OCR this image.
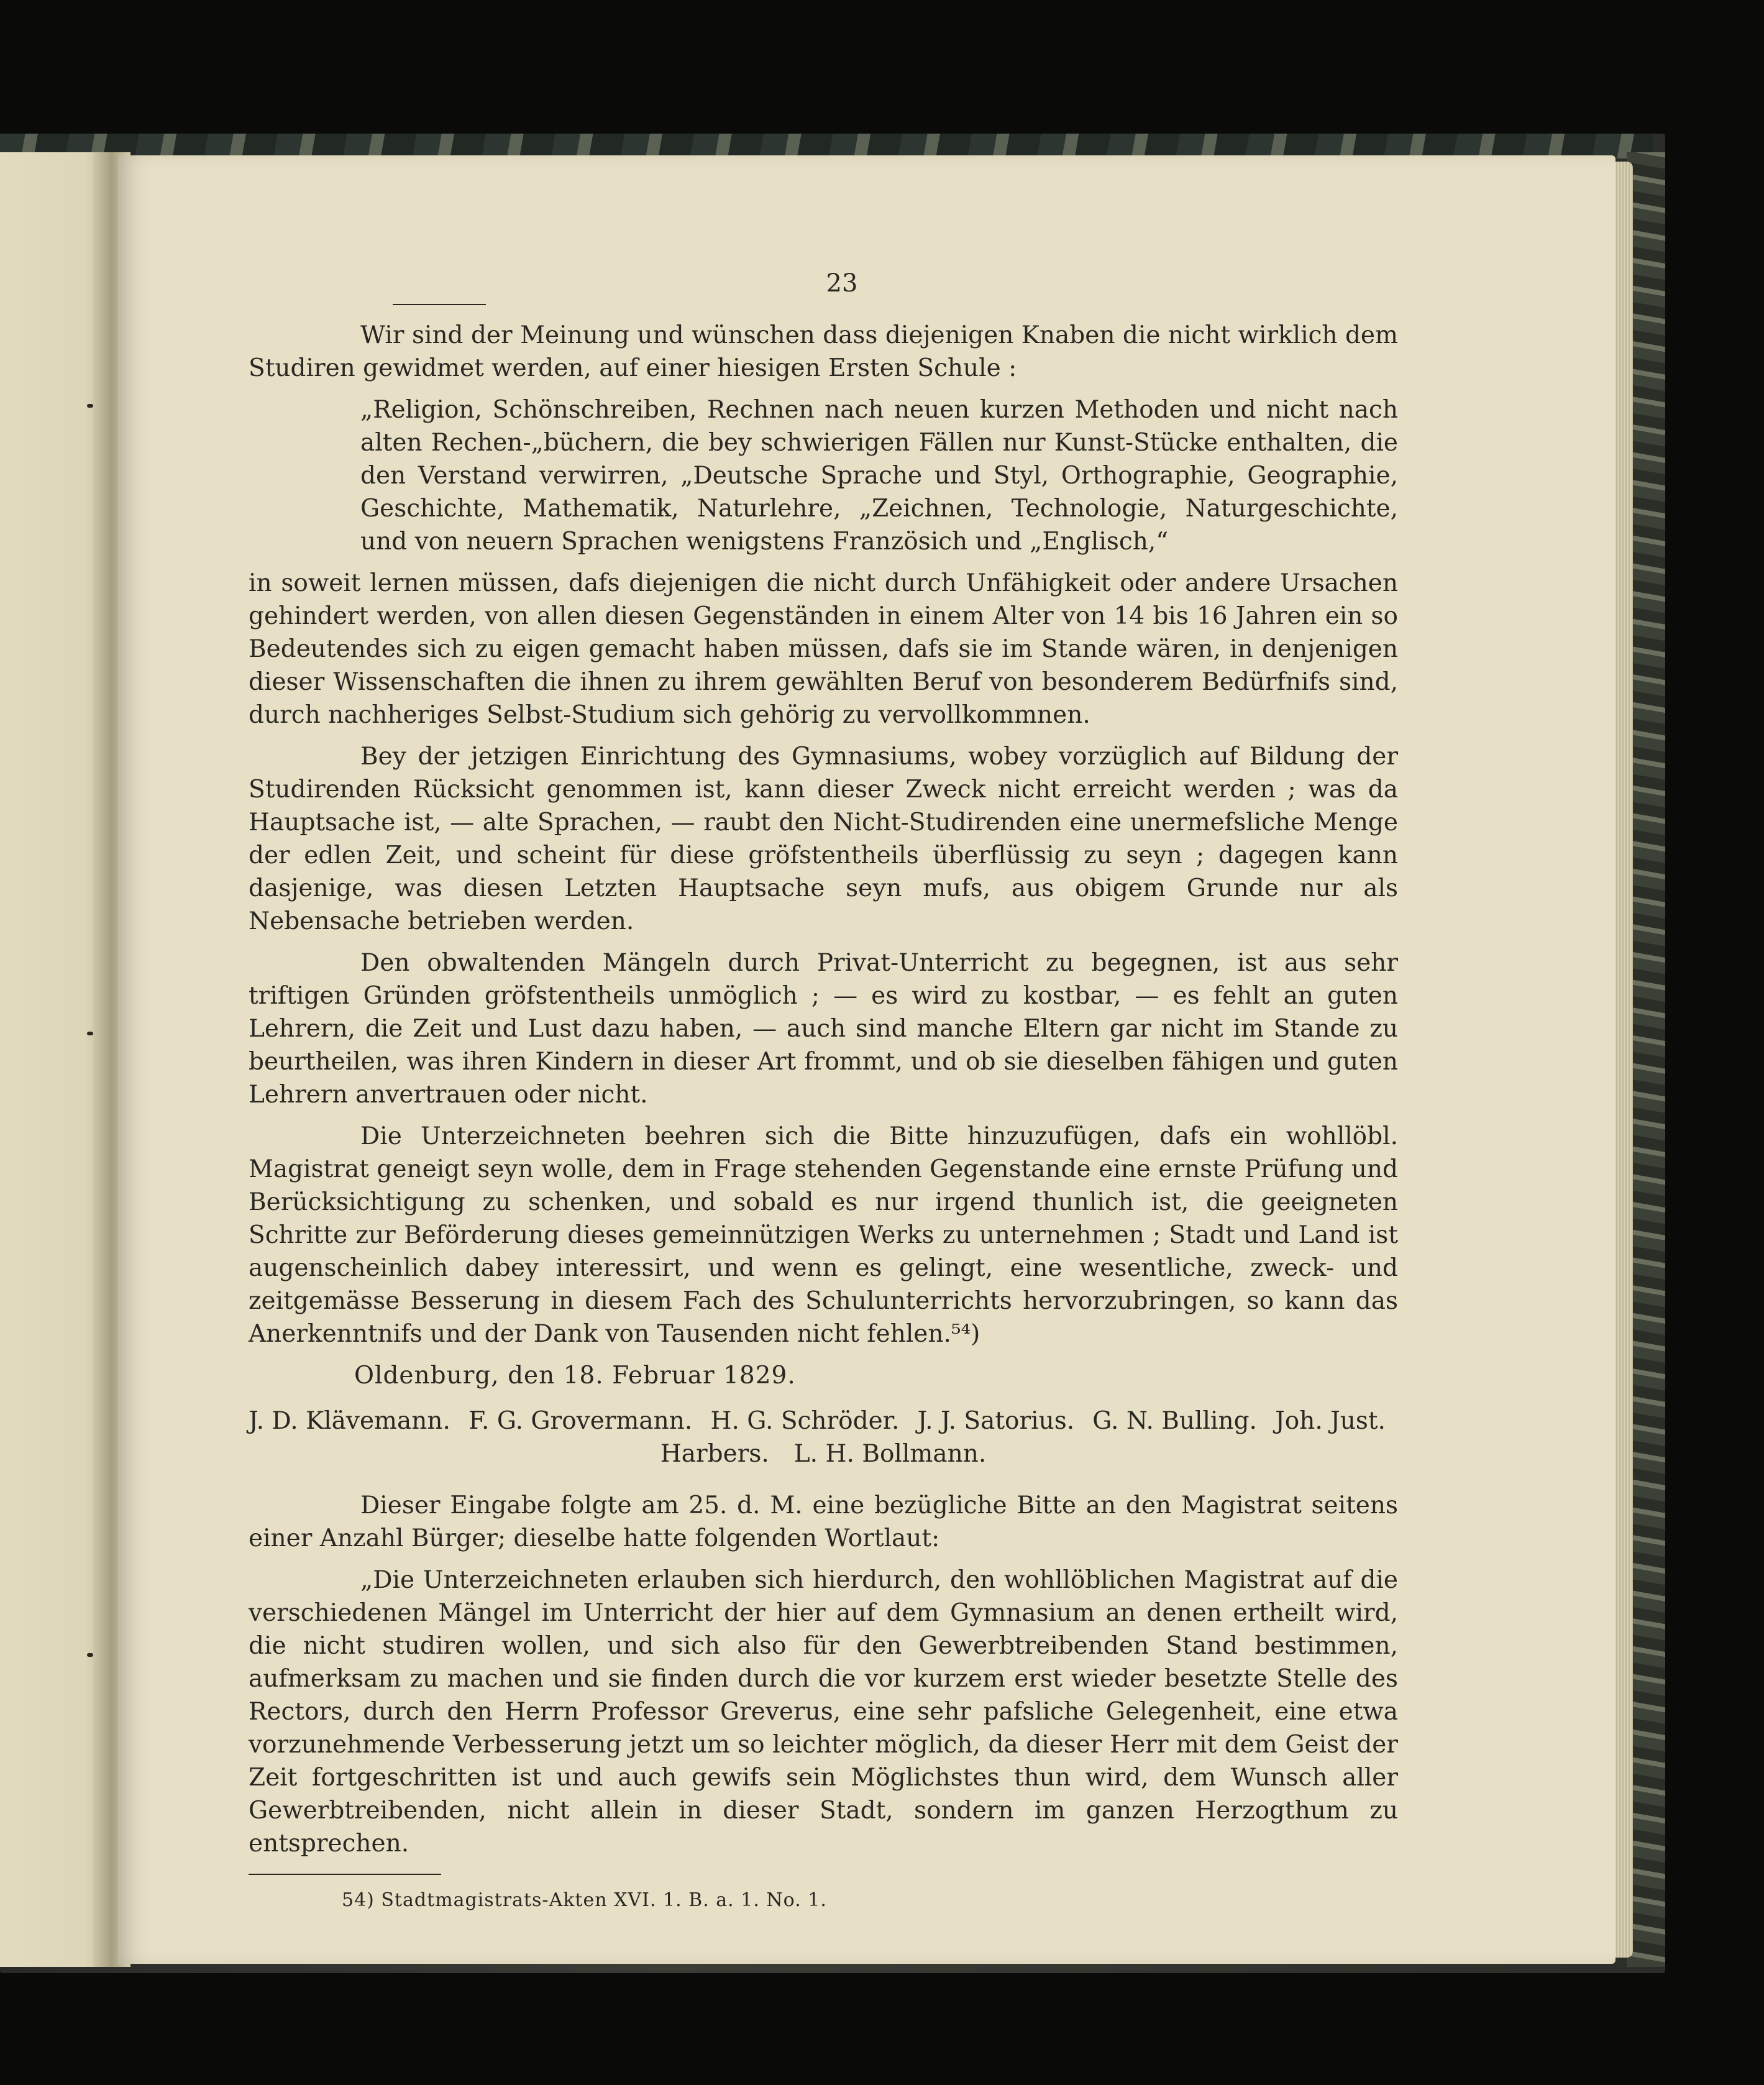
23

Wir sind der Meinung und wünschen dass diejenigen Knaben die nicht wirklich dem Studiren gewidmet werden, auf einer hiesigen Ersten Schule :

„Religion, Schönschreiben, Rechnen nach neuen kurzen Methoden und nicht nach alten Rechen-„büchern, die bey schwierigen Fällen nur Kunst-Stücke enthalten, die den Verstand verwirren, „Deutsche Sprache und Styl, Orthographie, Geographie, Geschichte, Mathematik, Naturlehre, „Zeichnen, Technologie, Naturgeschichte, und von neuern Sprachen wenigstens Französich und „Englisch,“

in soweit lernen müssen, dafs diejenigen die nicht durch Unfähigkeit oder andere Ursachen gehindert werden, von allen diesen Gegenständen in einem Alter von 14 bis 16 Jahren ein so Bedeutendes sich zu eigen gemacht haben müssen, dafs sie im Stande wären, in denjenigen dieser Wissenschaften die ihnen zu ihrem gewählten Beruf von besonderem Bedürfnifs sind, durch nachheriges Selbst-Studium sich gehörig zu vervollkommnen.

Bey der jetzigen Einrichtung des Gymnasiums, wobey vorzüglich auf Bildung der Studirenden Rücksicht genommen ist, kann dieser Zweck nicht erreicht werden ; was da Hauptsache ist, — alte Sprachen, — raubt den Nicht-Studirenden eine unermefsliche Menge der edlen Zeit, und scheint für diese gröfstentheils überflüssig zu seyn ; dagegen kann dasjenige, was diesen Letzten Hauptsache seyn mufs, aus obigem Grunde nur als Nebensache betrieben werden.

Den obwaltenden Mängeln durch Privat-Unterricht zu begegnen, ist aus sehr triftigen Gründen gröfstentheils unmöglich ; — es wird zu kostbar, — es fehlt an guten Lehrern, die Zeit und Lust dazu haben, — auch sind manche Eltern gar nicht im Stande zu beurtheilen, was ihren Kindern in dieser Art frommt, und ob sie dieselben fähigen und guten Lehrern anvertrauen oder nicht.

Die Unterzeichneten beehren sich die Bitte hinzuzufügen, dafs ein wohllöbl. Magistrat geneigt seyn wolle, dem in Frage stehenden Gegenstande eine ernste Prüfung und Berücksichtigung zu schenken, und sobald es nur irgend thunlich ist, die geeigneten Schritte zur Beförderung dieses gemeinnützigen Werks zu unternehmen ; Stadt und Land ist augenscheinlich dabey interessirt, und wenn es gelingt, eine wesentliche, zweck- und zeitgemässe Besserung in diesem Fach des Schulunterrichts hervorzubringen, so kann das Anerkenntnifs und der Dank von Tausenden nicht fehlen.⁵⁴)

Oldenburg, den 18. Februar 1829.

J. D. Klävemann. F. G. Grovermann. H. G. Schröder. J. J. Satorius. G. N. Bulling. Joh. Just.
Harbers. L. H. Bollmann.

Dieser Eingabe folgte am 25. d. M. eine bezügliche Bitte an den Magistrat seitens einer Anzahl Bürger; dieselbe hatte folgenden Wortlaut:

„Die Unterzeichneten erlauben sich hierdurch, den wohllöblichen Magistrat auf die verschiedenen Mängel im Unterricht der hier auf dem Gymnasium an denen ertheilt wird, die nicht studiren wollen, und sich also für den Gewerbtreibenden Stand bestimmen, aufmerksam zu machen und sie finden durch die vor kurzem erst wieder besetzte Stelle des Rectors, durch den Herrn Professor Greverus, eine sehr pafsliche Gelegenheit, eine etwa vorzunehmende Verbesserung jetzt um so leichter möglich, da dieser Herr mit dem Geist der Zeit fortgeschritten ist und auch gewifs sein Möglichstes thun wird, dem Wunsch aller Gewerbtreibenden, nicht allein in dieser Stadt, sondern im ganzen Herzogthum zu entsprechen.

54) Stadtmagistrats-Akten XVI. 1. B. a. 1. No. 1.
